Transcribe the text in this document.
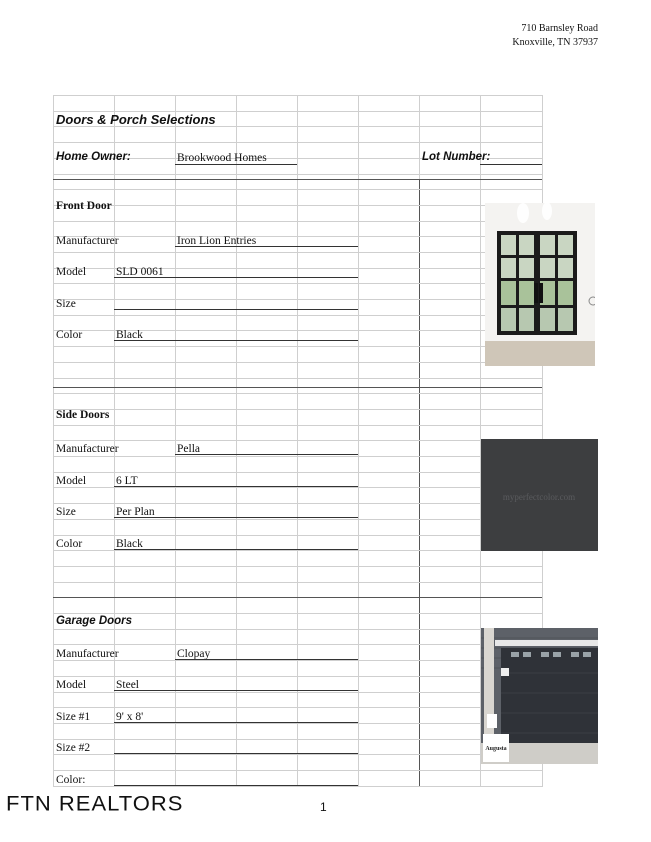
710 Barnsley Road
Knoxville, TN 37937
Doors & Porch Selections
Home Owner:	Brookwood Homes	Lot Number:
Front Door
Manufacturer	Iron Lion Entries
Model	SLD 0061
Size
Color	Black
Side Doors
Manufacturer	Pella
Model	6 LT
Size	Per Plan
Color	Black
Garage Doors
Manufacturer	Clopay
Model	Steel
Size #1 9' x 8'
Size #2
Color:
myperfectcolor.com
Augusta
FTN REALTORS	1
